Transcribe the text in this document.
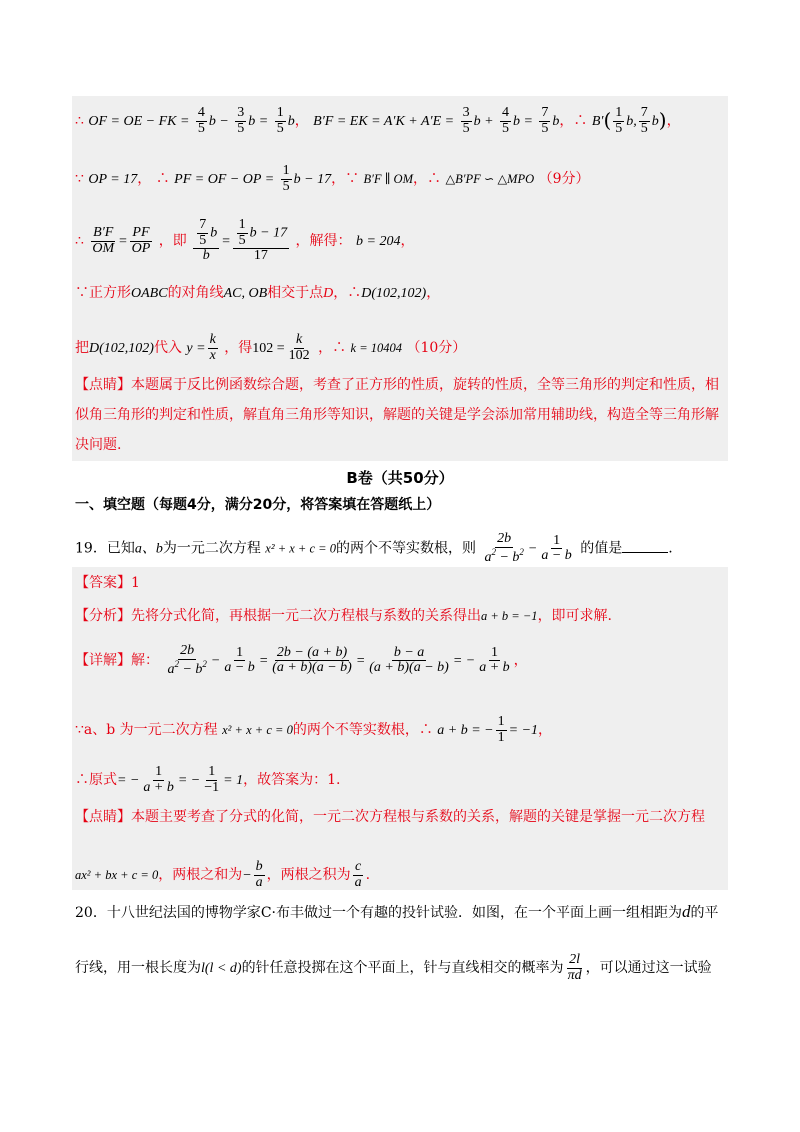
∴ OF = OE − FK = $\frac{4}{5}$ $b - \frac{3}{5}$ $b = \frac{1}{5}$ b， B′F = EK = $A'K + A'E = \frac{3}{5}$ $b + \frac{4}{5}$ $b = \frac{7}{5}$ b，∴ $B'( \frac{1}{5} b$, $\frac{7}{5} b$)，
∵ OP = 17， ∴ PF = OF − OP = $\frac{1}{5}$ b − 17，∵ B′F ∥ OM，∴ △B′PF ∽ △MPO （9分）
∴ $\frac{B'F}{OM} = \frac{PF}{OP}$ ，即 $\frac{\frac{7}{5} b}{b} = \frac{\frac{1}{5} b - 17}{17}$ ，解得： b = 204，
∵正方形OABC的对角线AC, OB相交于点D，∴D(102,102)，
把D(102,102)代入 $y = \frac{k}{x}$ ，得$102 = \frac{k}{102}$ ，∴ k = 10404 （10分）
【点睛】本题属于反比例函数综合题，考查了正方形的性质，旋转的性质，全等三角形的判定和性质，相
似角三角形的判定和性质，解直角三角形等知识，解题的关键是学会添加常用辅助线，构造全等三角形解
决问题.
B卷（共50分）
一、填空题（每题4分，满分20分，将答案填在答题纸上）
19．已知a、b为一元二次方程 x² + x + c = 0的两个不等实数根，则 $\frac{2b}{a^2 - b^2} - \frac{1}{a - b}$ 的值是	.
【答案】1
【分析】先将分式化简，再根据一元二次方程根与系数的关系得出a + b = −1，即可求解.
【详解】解： $\frac{2b}{a^2 - b^2} - \frac{1}{a - b} = \frac{2b - (a + b)}{(a + b)(a - b)} = \frac{b - a}{(a + b)(a - b)}$ = − $\frac{1}{a + b}$ ，
∵a、b 为一元二次方程 x² + x + c = 0的两个不等实数根，∴ a + b = − $\frac{1}{1} = -1$，
∴原式= − $\frac{1}{a + b}$ = − $\frac{1}{-1} = 1$，故答案为：1.
【点睛】本题主要考查了分式的化简，一元二次方程根与系数的关系，解题的关键是掌握一元二次方程
ax² + bx + c = 0，两根之和为− $\frac{b}{a}$ ，两根之积为 $\frac{c}{a}$ .
20．十八世纪法国的博物学家C·布丰做过一个有趣的投针试验．如图，在一个平面上画一组相距为d的平
行线，用一根长度为l(l < d)的针任意投掷在这个平面上，针与直线相交的概率为 $\frac{2l}{\pi d}$ ，可以通过这一试验
